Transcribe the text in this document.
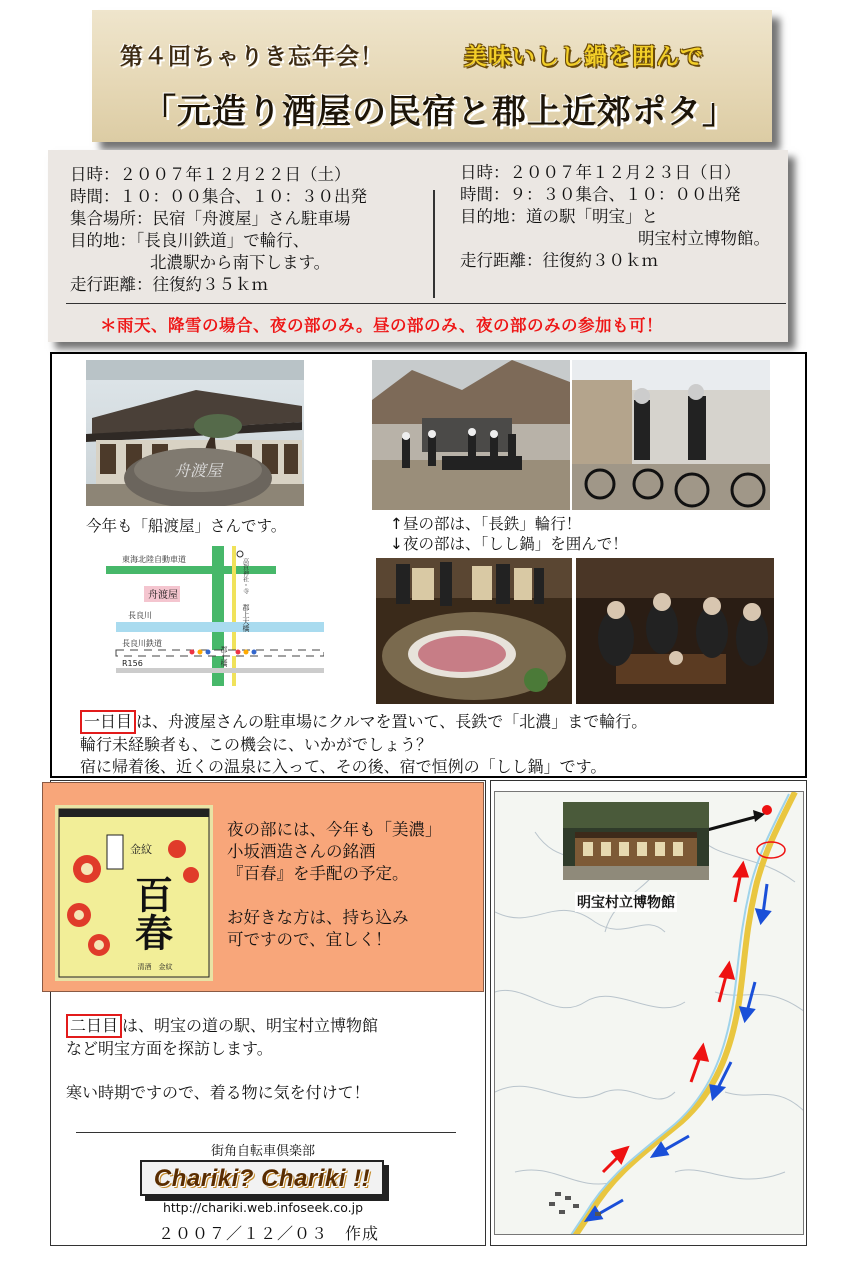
第４回ちゃりき忘年会！	美味いしし鍋を囲んで
「元造り酒屋の民宿と郡上近郊ポタ」
日時：２００７年１２月２２日（土）
時間：１０：００集合、１０：３０出発
集合場所：民宿「舟渡屋」さん駐車場
目的地：「長良川鉄道」で輪行、
北濃駅から南下します。
走行距離：往復約３５ｋｍ
日時：２００７年１２月２３日（日）
時間：９：３０集合、１０：００出発
目的地：道の駅「明宝」と
明宝村立博物館。
走行距離：往復約３０ｋｍ
＊雨天、降雪の場合、夜の部のみ。昼の部のみ、夜の部のみの参加も可！
舟渡屋
今年も「船渡屋」さんです。
東海北陸自動車道
長良川
長良川鉄道
R156
舟渡屋
高賀神社・寺
郡上大橋
郡上橋
↑昼の部は、「長鉄」輪行！
↓夜の部は、「しし鍋」を囲んで！
一日目 は、舟渡屋さんの駐車場にクルマを置いて、長鉄で「北濃」まで輪行。
輪行未経験者も、この機会に、いかがでしょう？
宿に帰着後、近くの温泉に入って、その後、宿で恒例の「しし鍋」です。
金紋
百春
清酒　金紋
夜の部には、今年も「美濃」
小坂酒造さんの銘酒
『百春』を手配の予定。
お好きな方は、持ち込み
可ですので、宜しく！
二日目 は、明宝の道の駅、明宝村立博物館
など明宝方面を探訪します。
寒い時期ですので、着る物に気を付けて！
街角自転車倶楽部
Chariki? Chariki !!
http://chariki.web.infoseek.co.jp
２００７／１２／０３　作成
明宝村立博物館
